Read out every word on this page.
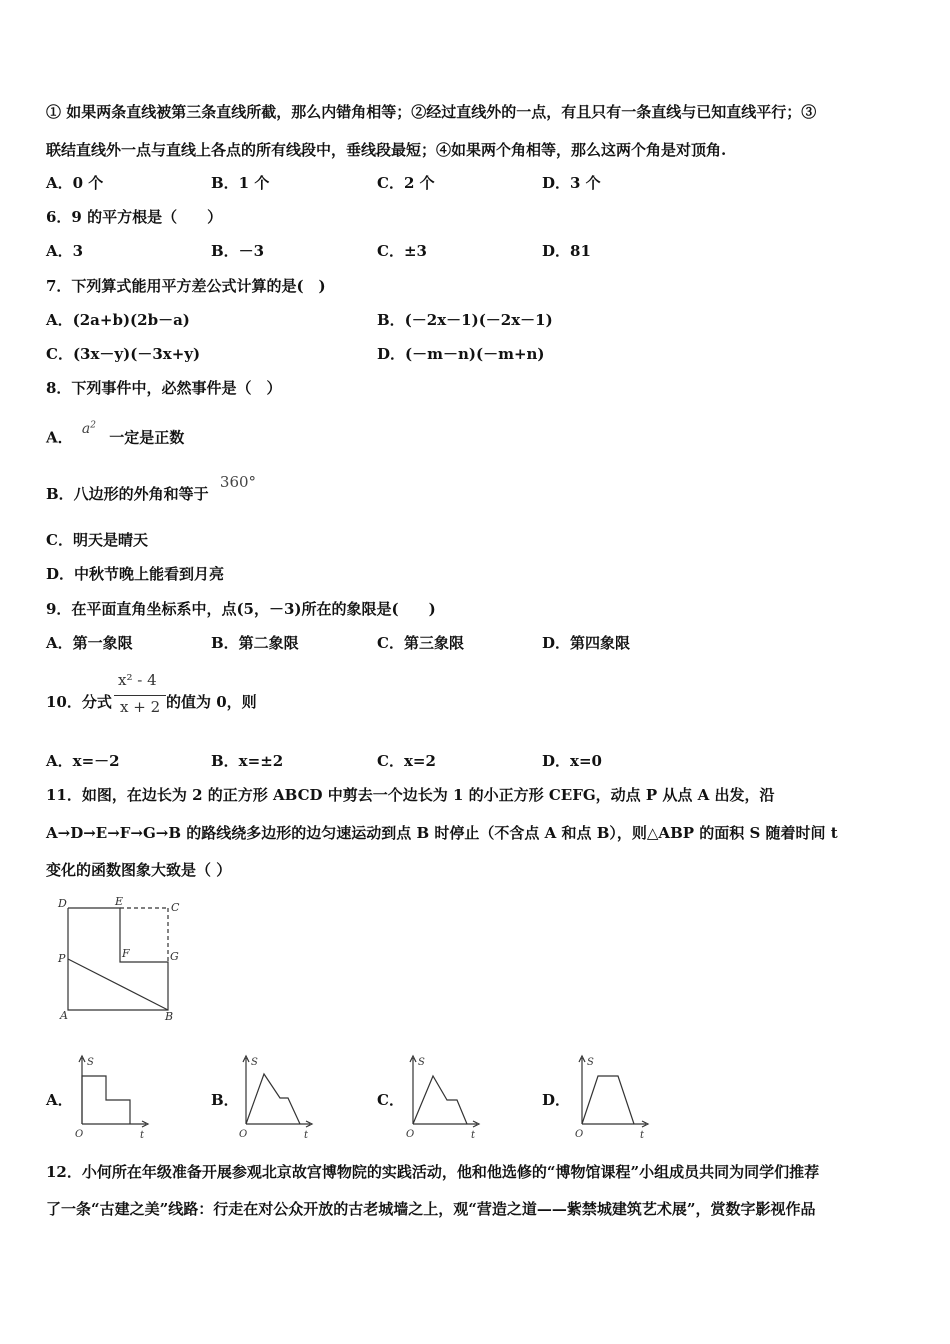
① 如果两条直线被第三条直线所截，那么内错角相等；②经过直线外的一点，有且只有一条直线与已知直线平行；③
联结直线外一点与直线上各点的所有线段中，垂线段最短；④如果两个角相等，那么这两个角是对顶角.
A．0 个	B．1 个	C．2 个	D．3 个
6．9 的平方根是（　　）
A．3	B．－3	C．±3	D．81
7．下列算式能用平方差公式计算的是(　)
A．(2a+b)(2b－a)	B．(－2x－1)(－2x－1)
C．(3x－y)(－3x+y)	D．(－m－n)(－m+n)
8．下列事件中，必然事件是（　）
A． $a^2$ 一定是正数
B．八边形的外角和等于 360°
C．明天是晴天
D．中秋节晚上能看到月亮
9．在平面直角坐标系中，点(5，－3)所在的象限是(　　)
A．第一象限	B．第二象限	C．第三象限	D．第四象限
10．分式
x² - 4
x + 2 的值为 0，则
A．x=－2	B．x=±2	C．x=2	D．x=0
11．如图，在边长为 2 的正方形 ABCD 中剪去一个边长为 1 的小正方形 CEFG，动点 P 从点 A 出发，沿
A→D→E→F→G→B 的路线绕多边形的边匀速运动到点 B 时停止（不含点 A 和点 B），则△ABP 的面积 S 随着时间 t
变化的函数图象大致是（ ）
D	E	C
F	G
P
A	B
A．	B．	C．	D．
S
O	t
S
O	t
S
O	t
S
O	t
12．小何所在年级准备开展参观北京故宫博物院的实践活动，他和他选修的“博物馆课程”小组成员共同为同学们推荐
了一条“古建之美”线路：行走在对公众开放的古老城墙之上，观“营造之道——紫禁城建筑艺术展”，赏数字影视作品
